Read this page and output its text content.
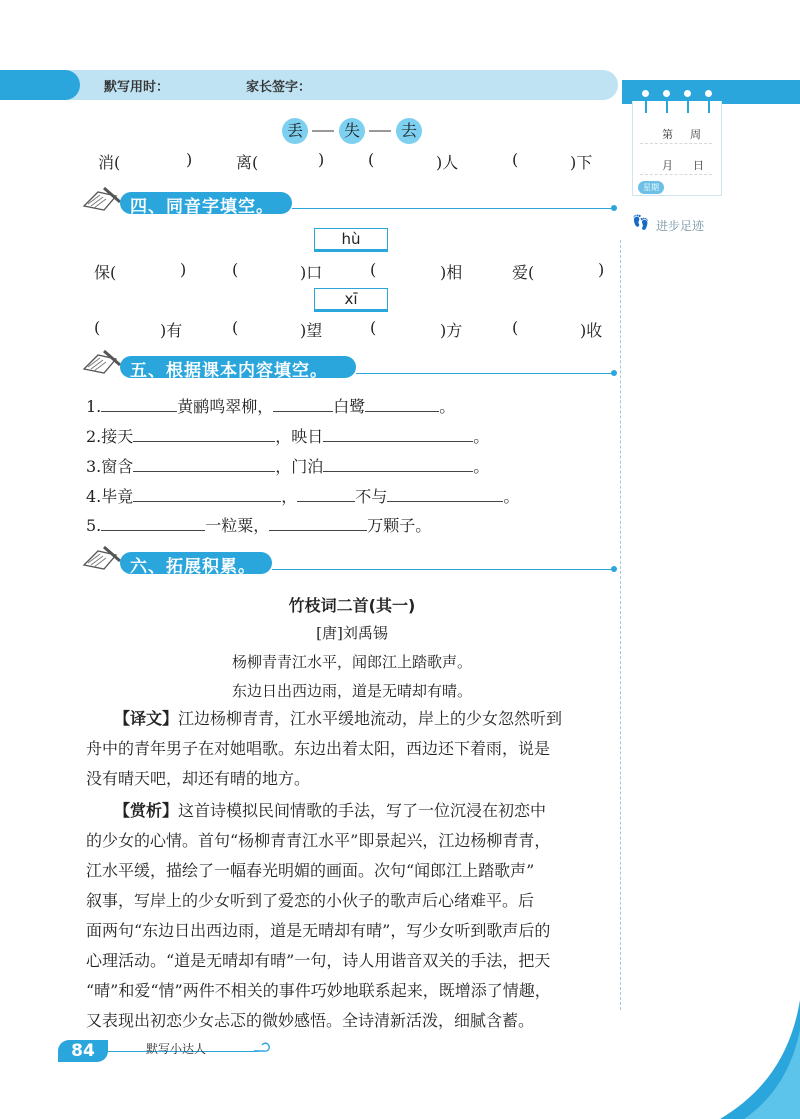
默写用时：	家长签字：
第 周
月 日
星期
👣 进步足迹
丢	失	去
消(	)	离(	)	(	)人	(	)下
四、同音字填空。
hù
保(	)	(	)口	(	)相	爱(	)
xī
(	)有	(	)望	(	)方	(	)收
五、根据课本内容填空。
1.	黄鹂鸣翠柳，	白鹭	。
2.接天	，映日	。
3.窗含	，门泊	。
4.毕竟	，	不与	。
5.	一粒粟，	万颗子。
六、拓展积累。
竹枝词二首(其一)
[唐]刘禹锡
杨柳青青江水平，闻郎江上踏歌声。
东边日出西边雨，道是无晴却有晴。
【译文】江边杨柳青青，江水平缓地流动，岸上的少女忽然听到
舟中的青年男子在对她唱歌。东边出着太阳，西边还下着雨，说是
没有晴天吧，却还有晴的地方。
【赏析】这首诗模拟民间情歌的手法，写了一位沉浸在初恋中
的少女的心情。首句“杨柳青青江水平”即景起兴，江边杨柳青青，
江水平缓，描绘了一幅春光明媚的画面。次句“闻郎江上踏歌声”
叙事，写岸上的少女听到了爱恋的小伙子的歌声后心绪难平。后
面两句“东边日出西边雨，道是无晴却有晴”，写少女听到歌声后的
心理活动。“道是无晴却有晴”一句，诗人用谐音双关的手法，把天
“晴”和爱“情”两件不相关的事件巧妙地联系起来，既增添了情趣，
又表现出初恋少女忐忑的微妙感悟。全诗清新活泼，细腻含蓄。
84	默写小达人
